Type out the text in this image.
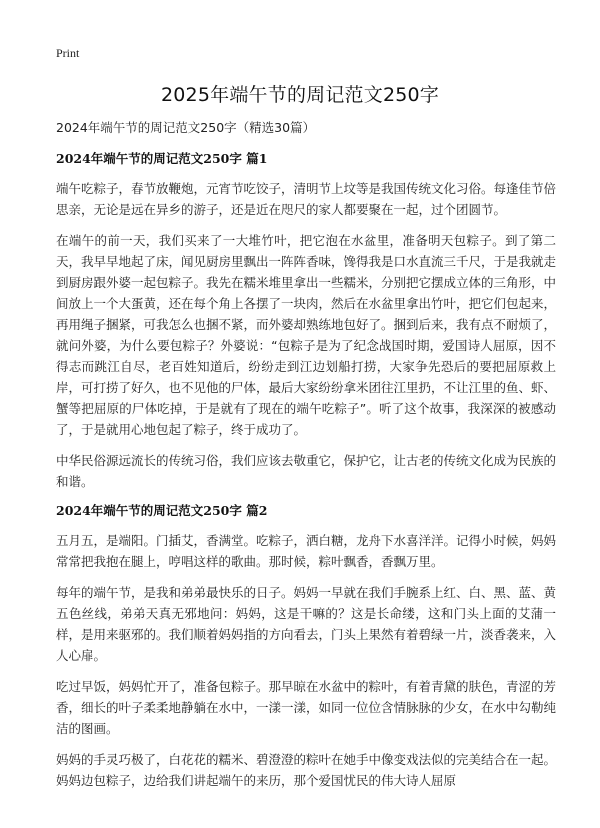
Print
2025年端午节的周记范文250字

2024年端午节的周记范文250字（精选30篇）

2024年端午节的周记范文250字 篇1

端午吃粽子，春节放鞭炮，元宵节吃饺子，清明节上坟等是我国传统文化习俗。每逢佳节倍思亲，无论是远在异乡的游子，还是近在咫尺的家人都要聚在一起，过个团圆节。

在端午的前一天，我们买来了一大堆竹叶，把它泡在水盆里，准备明天包粽子。到了第二天，我早早地起了床，闻见厨房里飘出一阵阵香味，馋得我是口水直流三千尺，于是我就走到厨房跟外婆一起包粽子。我先在糯米堆里拿出一些糯米，分别把它摆成立体的三角形，中间放上一个大蛋黄，还在每个角上各摆了一块肉，然后在水盆里拿出竹叶，把它们包起来，再用绳子捆紧，可我怎么也捆不紧，而外婆却熟练地包好了。捆到后来，我有点不耐烦了，就问外婆，为什么要包粽子？外婆说：“包粽子是为了纪念战国时期，爱国诗人屈原，因不得志而跳江自尽，老百姓知道后，纷纷走到江边划船打捞，大家争先恐后的要把屈原救上岸，可打捞了好久，也不见他的尸体，最后大家纷纷拿米团往江里扔，不让江里的鱼、虾、蟹等把屈原的尸体吃掉，于是就有了现在的端午吃粽子”。听了这个故事，我深深的被感动了，于是就用心地包起了粽子，终于成功了。

中华民俗源远流长的传统习俗，我们应该去敬重它，保护它，让古老的传统文化成为民族的和谐。

2024年端午节的周记范文250字 篇2

五月五，是端阳。门插艾，香满堂。吃粽子，洒白糖，龙舟下水喜洋洋。记得小时候，妈妈常常把我抱在腿上，哼唱这样的歌曲。那时候，粽叶飘香，香飘万里。

每年的端午节，是我和弟弟最快乐的日子。妈妈一早就在我们手腕系上红、白、黑、蓝、黄五色丝线，弟弟天真无邪地问：妈妈，这是干嘛的？这是长命缕，这和门头上面的艾蒲一样，是用来驱邪的。我们顺着妈妈指的方向看去，门头上果然有着碧绿一片，淡香袭来，入人心扉。

吃过早饭，妈妈忙开了，准备包粽子。那早晾在水盆中的粽叶，有着青黛的肤色，青涩的芳香，细长的叶子柔柔地静躺在水中，一漾一漾，如同一位位含情脉脉的少女，在水中勾勒纯洁的图画。

妈妈的手灵巧极了，白花花的糯米、碧澄澄的粽叶在她手中像变戏法似的完美结合在一起。妈妈边包粽子，边给我们讲起端午的来历，那个爱国忧民的伟大诗人屈原
